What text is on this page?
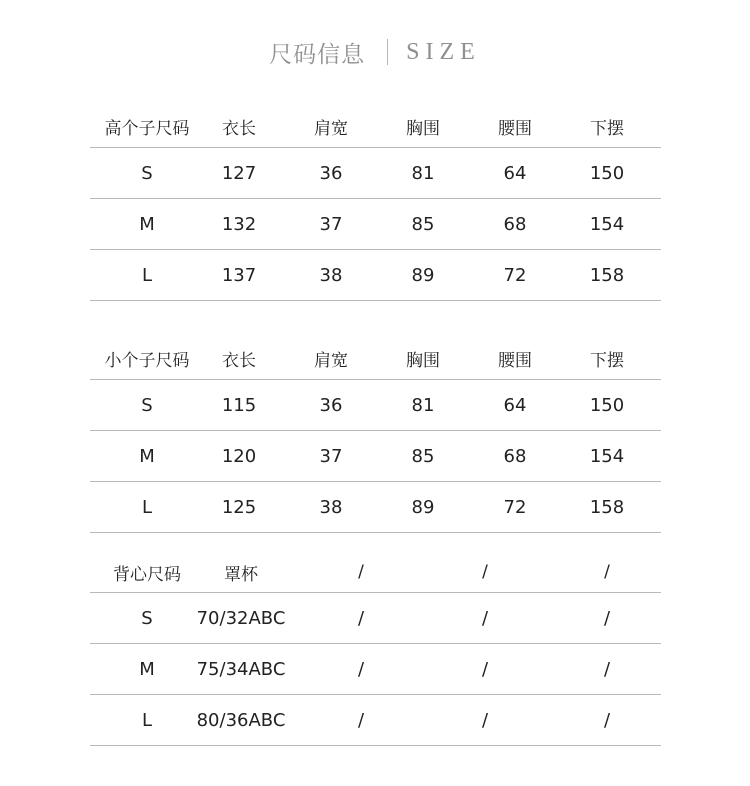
尺码信息 SIZE
高个子尺码	衣长	肩宽	胸围	腰围	下摆
S	127	36	81	64	150
M	132	37	85	68	154
L	137	38	89	72	158
小个子尺码	衣长	肩宽	胸围	腰围	下摆
S	115	36	81	64	150
M	120	37	85	68	154
L	125	38	89	72	158
背心尺码	罩杯	/	/	/
S	70/32ABC	/	/	/
M	75/34ABC	/	/	/
L	80/36ABC	/	/	/
